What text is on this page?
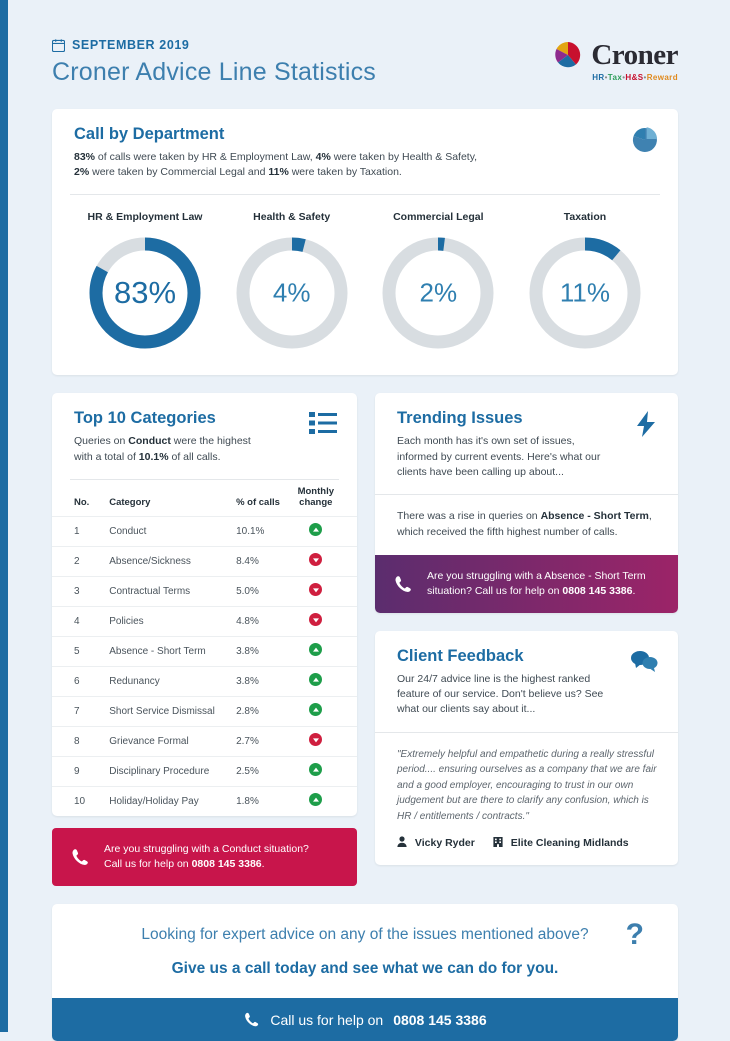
SEPTEMBER 2019
Croner Advice Line Statistics
Croner
HR•Tax•H&S•Reward
Call by Department
83% of calls were taken by HR & Employment Law, 4% were taken by Health & Safety,
2% were taken by Commercial Legal and 11% were taken by Taxation.
HR & Employment Law
83%
Health & Safety
4%
Commercial Legal
2%
Taxation
11%
Top 10 Categories
Queries on Conduct were the highest
with a total of 10.1% of all calls.
No.	Category	% of calls	Monthly change
1	Conduct	10.1%	
2	Absence/Sickness	8.4%	
3	Contractual Terms	5.0%	
4	Policies	4.8%	
5	Absence - Short Term	3.8%	
6	Redunancy	3.8%	
7	Short Service Dismissal	2.8%	
8	Grievance Formal	2.7%	
9	Disciplinary Procedure	2.5%	
10	Holiday/Holiday Pay	1.8%	
Are you struggling with a Conduct situation?
Call us for help on 0808 145 3386.
Trending Issues
Each month has it's own set of issues, informed by current events. Here's what our clients have been calling up about...
There was a rise in queries on Absence - Short Term, which received the fifth highest number of calls.
Are you struggling with a Absence - Short Term
situation? Call us for help on 0808 145 3386.
Client Feedback
Our 24/7 advice line is the highest ranked feature of our service. Don't believe us? See what our clients say about it...
"Extremely helpful and empathetic during a really stressful period.... ensuring ourselves as a company that we are fair and a good employer, encouraging to trust in our own judgement but are there to clarify any confusion, which is HR / entitlements / contracts."
Vicky Ryder	Elite Cleaning Midlands
?
Looking for expert advice on any of the issues mentioned above?
Give us a call today and see what we can do for you.
Call us for help on 0808 145 3386
